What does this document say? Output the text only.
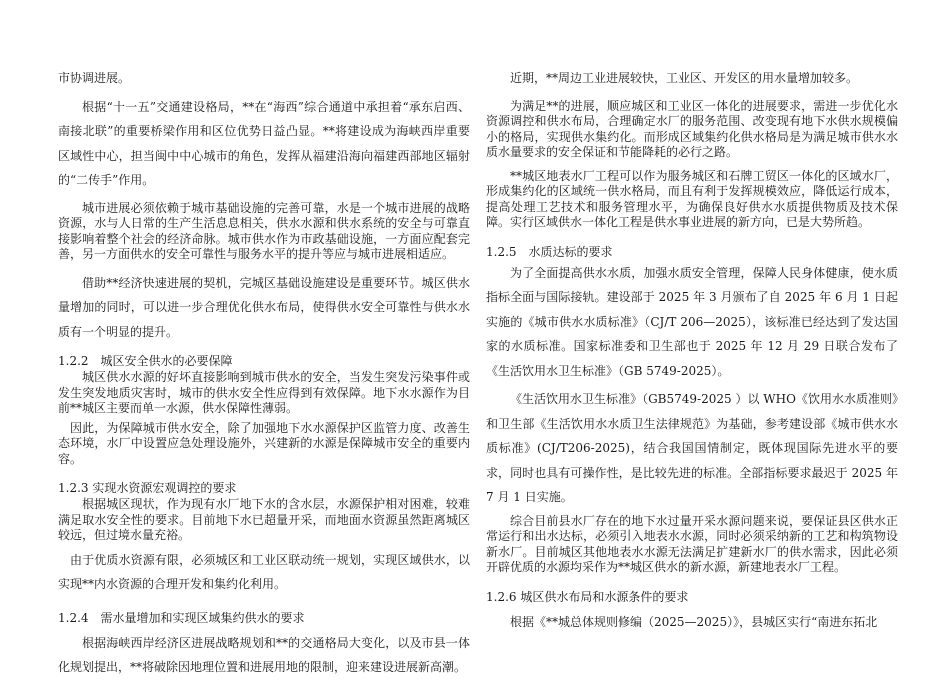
市协调进展。

根据“十一五”交通建设格局，**在“海西”综合通道中承担着“承东启西、南接北联”的重要桥梁作用和区位优势日益凸显。**将建设成为海峡西岸重要区域性中心，担当闽中中心城市的角色，发挥从福建沿海向福建西部地区辐射的“二传手”作用。

城市进展必须依赖于城市基础设施的完善可靠，水是一个城市进展的战略资源，水与人日常的生产生活息息相关，供水水源和供水系统的安全与可靠直接影响着整个社会的经济命脉。城市供水作为市政基础设施，一方面应配套完善，另一方面供水的安全可靠性与服务水平的提升等应与城市进展相适应。

借助**经济快速进展的契机，完城区基础设施建设是重要环节。城区供水量增加的同时，可以进一步合理优化供水布局，使得供水安全可靠性与供水水质有一个明显的提升。

1.2.2　城区安全供水的必要保障

城区供水水源的好坏直接影响到城市供水的安全，当发生突发污染事件或发生突发地质灾害时，城市的供水安全性应得到有效保障。地下水水源作为目前**城区主要而单一水源，供水保障性薄弱。

因此，为保障城市供水安全，除了加强地下水水源保护区监管力度、改善生态环境，水厂中设置应急处理设施外，兴建新的水源是保障城市安全的重要内容。

1.2.3 实现水资源宏观调控的要求

根据城区现状，作为现有水厂地下水的含水层，水源保护相对困难，较难满足取水安全性的要求。目前地下水已超量开采，而地面水资源虽然距离城区较远，但过境水量充裕。

由于优质水资源有限，必须城区和工业区联动统一规划，实现区域供水，以实现**内水资源的合理开发和集约化利用。

1.2.4　需水量增加和实现区域集约供水的要求

根据海峡西岸经济区进展战略规划和**的交通格局大变化，以及市县一体化规划提出，**将破除因地理位置和进展用地的限制，迎来建设进展新高潮。

近期，**周边工业进展较快，工业区、开发区的用水量增加较多。

为满足**的进展，顺应城区和工业区一体化的进展要求，需进一步优化水资源调控和供水布局，合理确定水厂的服务范围、改变现有地下水供水规模偏小的格局，实现供水集约化。而形成区域集约化供水格局是为满足城市供水水质水量要求的安全保证和节能降耗的必行之路。

**城区地表水厂工程可以作为服务城区和石牌工贸区一体化的区域水厂，形成集约化的区域统一供水格局，而且有利于发挥规模效应，降低运行成本，提高处理工艺技术和服务管理水平，为确保良好供水水质提供物质及技术保障。实行区域供水一体化工程是供水事业进展的新方向，已是大势所趋。

1.2.5　水质达标的要求

为了全面提高供水水质，加强水质安全管理，保障人民身体健康，使水质指标全面与国际接轨。建设部于 2025 年 3 月颁布了自 2025 年 6 月 1 日起实施的《城市供水水质标准》（CJ/T 206—2025），该标准已经达到了发达国家的水质标准。国家标准委和卫生部也于 2025 年 12 月 29 日联合发布了《生活饮用水卫生标准》（GB 5749-2025）。

《生活饮用水卫生标准》（GB5749-2025 ）以 WHO《饮用水水质准则》和卫生部《生活饮用水水质卫生法律规范》为基础，参考建设部《城市供水水质标准》(CJ/T206-2025)，结合我国国情制定，既体现国际先进水平的要求，同时也具有可操作性，是比较先进的标准。全部指标要求最迟于 2025 年 7 月 1 日实施。

综合目前县水厂存在的地下水过量开采水源问题来说，要保证县区供水正常运行和出水达标，必须引入地表水水源，同时必须采纳新的工艺和构筑物设新水厂。目前城区其他地表水水源无法满足扩建新水厂的供水需求，因此必须开辟优质的水源均采作为**城区供水的新水源，新建地表水厂工程。

1.2.6 城区供水布局和水源条件的要求

根据《**城总体规则修编（2025—2025）》，县城区实行“南进东拓北
